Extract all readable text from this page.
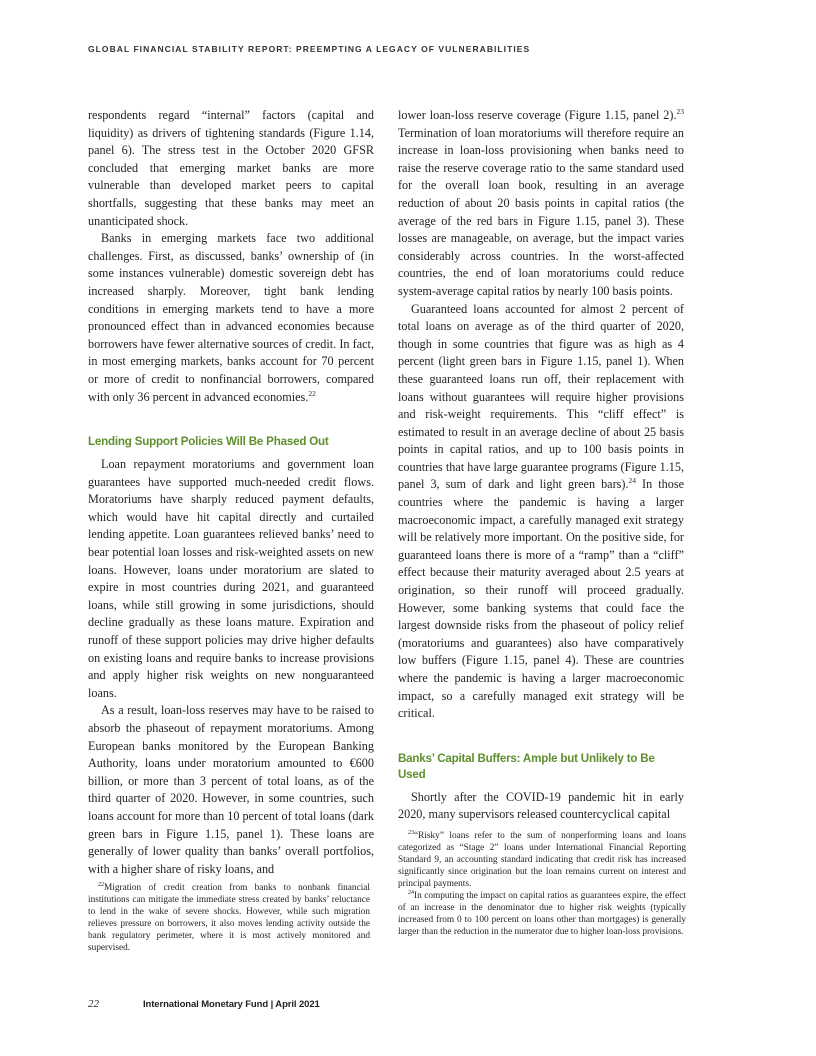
GLOBAL FINANCIAL STABILITY REPORT: PREEMPTING A LEGACY OF VULNERABILITIES

respondents regard “internal” factors (capital and liquidity) as drivers of tightening standards (Figure 1.14, panel 6). The stress test in the October 2020 GFSR concluded that emerging market banks are more vulnerable than developed market peers to capital shortfalls, suggesting that these banks may meet an unanticipated shock.

Banks in emerging markets face two additional challenges. First, as discussed, banks’ ownership of (in some instances vulnerable) domestic sovereign debt has increased sharply. Moreover, tight bank lending conditions in emerging markets tend to have a more pronounced effect than in advanced economies because borrowers have fewer alternative sources of credit. In fact, in most emerging markets, banks account for 70 percent or more of credit to nonfinancial borrowers, compared with only 36 percent in advanced economies.$^{22}$

Lending Support Policies Will Be Phased Out

Loan repayment moratoriums and government loan guarantees have supported much-needed credit flows. Moratoriums have sharply reduced payment defaults, which would have hit capital directly and curtailed lending appetite. Loan guarantees relieved banks’ need to bear potential loan losses and risk-weighted assets on new loans. However, loans under moratorium are slated to expire in most countries during 2021, and guaranteed loans, while still growing in some jurisdictions, should decline gradually as these loans mature. Expiration and runoff of these support policies may drive higher defaults on existing loans and require banks to increase provisions and apply higher risk weights on new nonguaranteed loans.

As a result, loan-loss reserves may have to be raised to absorb the phaseout of repayment moratoriums. Among European banks monitored by the European Banking Authority, loans under moratorium amounted to €600 billion, or more than 3 percent of total loans, as of the third quarter of 2020. However, in some countries, such loans account for more than 10 percent of total loans (dark green bars in Figure 1.15, panel 1). These loans are generally of lower quality than banks’ overall portfolios, with a higher share of risky loans, and

lower loan-loss reserve coverage (Figure 1.15, panel 2).$^{23}$ Termination of loan moratoriums will therefore require an increase in loan-loss provisioning when banks need to raise the reserve coverage ratio to the same standard used for the overall loan book, resulting in an average reduction of about 20 basis points in capital ratios (the average of the red bars in Figure 1.15, panel 3). These losses are manageable, on average, but the impact varies considerably across countries. In the worst-affected countries, the end of loan moratoriums could reduce system-average capital ratios by nearly 100 basis points.

Guaranteed loans accounted for almost 2 percent of total loans on average as of the third quarter of 2020, though in some countries that figure was as high as 4 percent (light green bars in Figure 1.15, panel 1). When these guaranteed loans run off, their replacement with loans without guarantees will require higher provisions and risk-weight requirements. This “cliff effect” is estimated to result in an average decline of about 25 basis points in capital ratios, and up to 100 basis points in countries that have large guarantee programs (Figure 1.15, panel 3, sum of dark and light green bars).$^{24}$ In those countries where the pandemic is having a larger macroeconomic impact, a carefully managed exit strategy will be relatively more important. On the positive side, for guaranteed loans there is more of a “ramp” than a “cliff” effect because their maturity averaged about 2.5 years at origination, so their runoff will proceed gradually. However, some banking systems that could face the largest downside risks from the phaseout of policy relief (moratoriums and guarantees) also have comparatively low buffers (Figure 1.15, panel 4). These are countries where the pandemic is having a larger macroeconomic impact, so a carefully managed exit strategy will be critical.

Banks’ Capital Buffers: Ample but Unlikely to Be Used

Shortly after the COVID-19 pandemic hit in early 2020, many supervisors released countercyclical capital

$^{22}$Migration of credit creation from banks to nonbank financial institutions can mitigate the immediate stress created by banks’ reluctance to lend in the wake of severe shocks. However, while such migration relieves pressure on borrowers, it also moves lending activity outside the bank regulatory perimeter, where it is most actively monitored and supervised.

$^{23}$“Risky” loans refer to the sum of nonperforming loans and loans categorized as “Stage 2” loans under International Financial Reporting Standard 9, an accounting standard indicating that credit risk has increased significantly since origination but the loan remains current on interest and principal payments.

$^{24}$In computing the impact on capital ratios as guarantees expire, the effect of an increase in the denominator due to higher risk weights (typically increased from 0 to 100 percent on loans other than mortgages) is generally larger than the reduction in the numerator due to higher loan-loss provisions.

22	International Monetary Fund | April 2021
